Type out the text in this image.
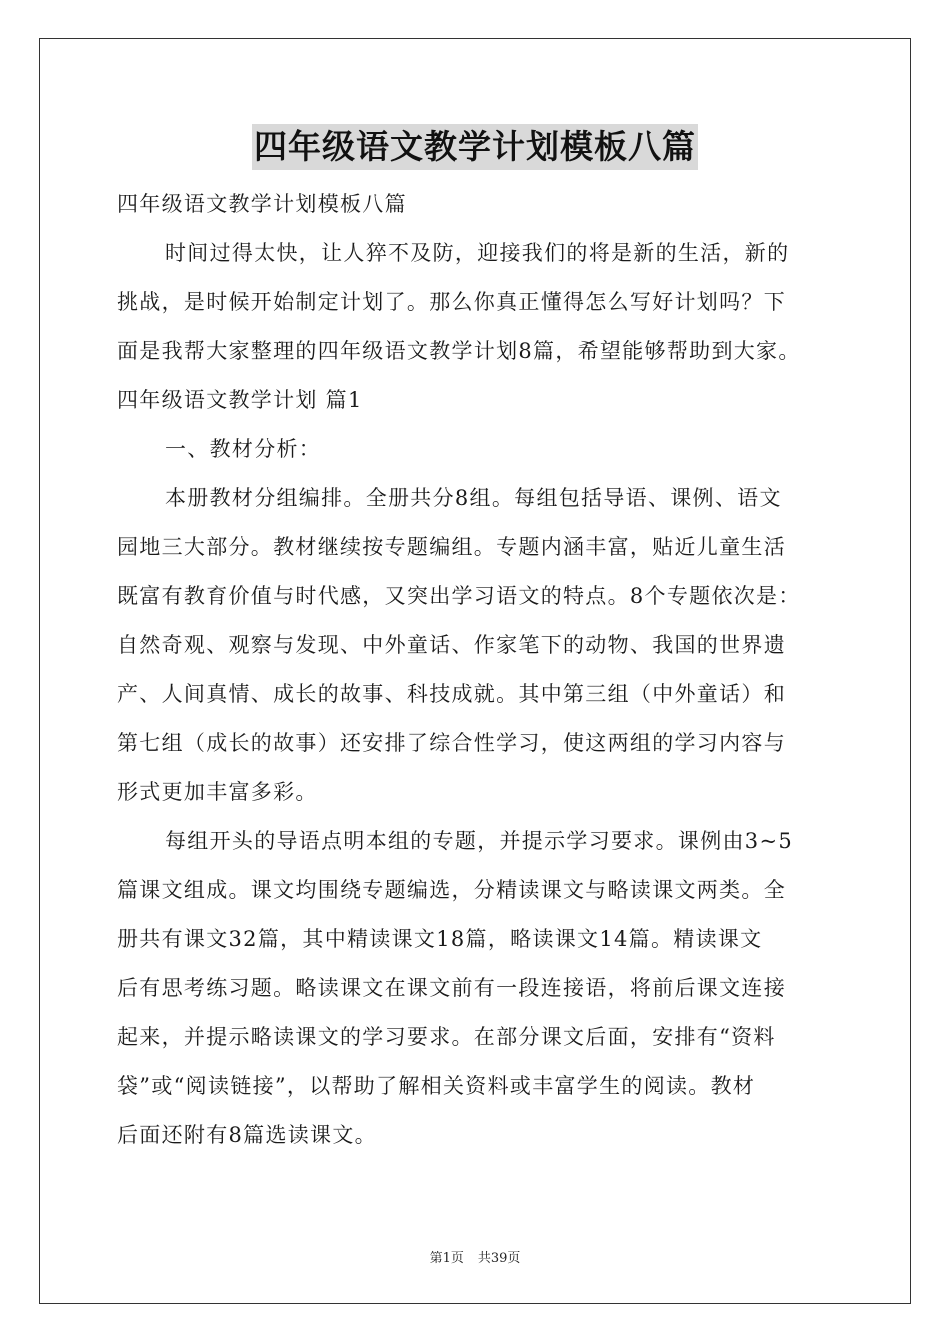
四年级语文教学计划模板八篇
四年级语文教学计划模板八篇
时间过得太快，让人猝不及防，迎接我们的将是新的生活，新的
挑战，是时候开始制定计划了。那么你真正懂得怎么写好计划吗？下
面是我帮大家整理的四年级语文教学计划8篇，希望能够帮助到大家。
四年级语文教学计划 篇1
一、教材分析：
本册教材分组编排。全册共分8组。每组包括导语、课例、语文
园地三大部分。教材继续按专题编组。专题内涵丰富，贴近儿童生活
既富有教育价值与时代感，又突出学习语文的特点。8个专题依次是：
自然奇观、观察与发现、中外童话、作家笔下的动物、我国的世界遗
产、人间真情、成长的故事、科技成就。其中第三组（中外童话）和
第七组（成长的故事）还安排了综合性学习，使这两组的学习内容与
形式更加丰富多彩。
每组开头的导语点明本组的专题，并提示学习要求。课例由3~5
篇课文组成。课文均围绕专题编选，分精读课文与略读课文两类。全
册共有课文32篇，其中精读课文18篇，略读课文14篇。精读课文
后有思考练习题。略读课文在课文前有一段连接语，将前后课文连接
起来，并提示略读课文的学习要求。在部分课文后面，安排有“资料
袋”或“阅读链接”，以帮助了解相关资料或丰富学生的阅读。教材
后面还附有8篇选读课文。
第1页 共39页
